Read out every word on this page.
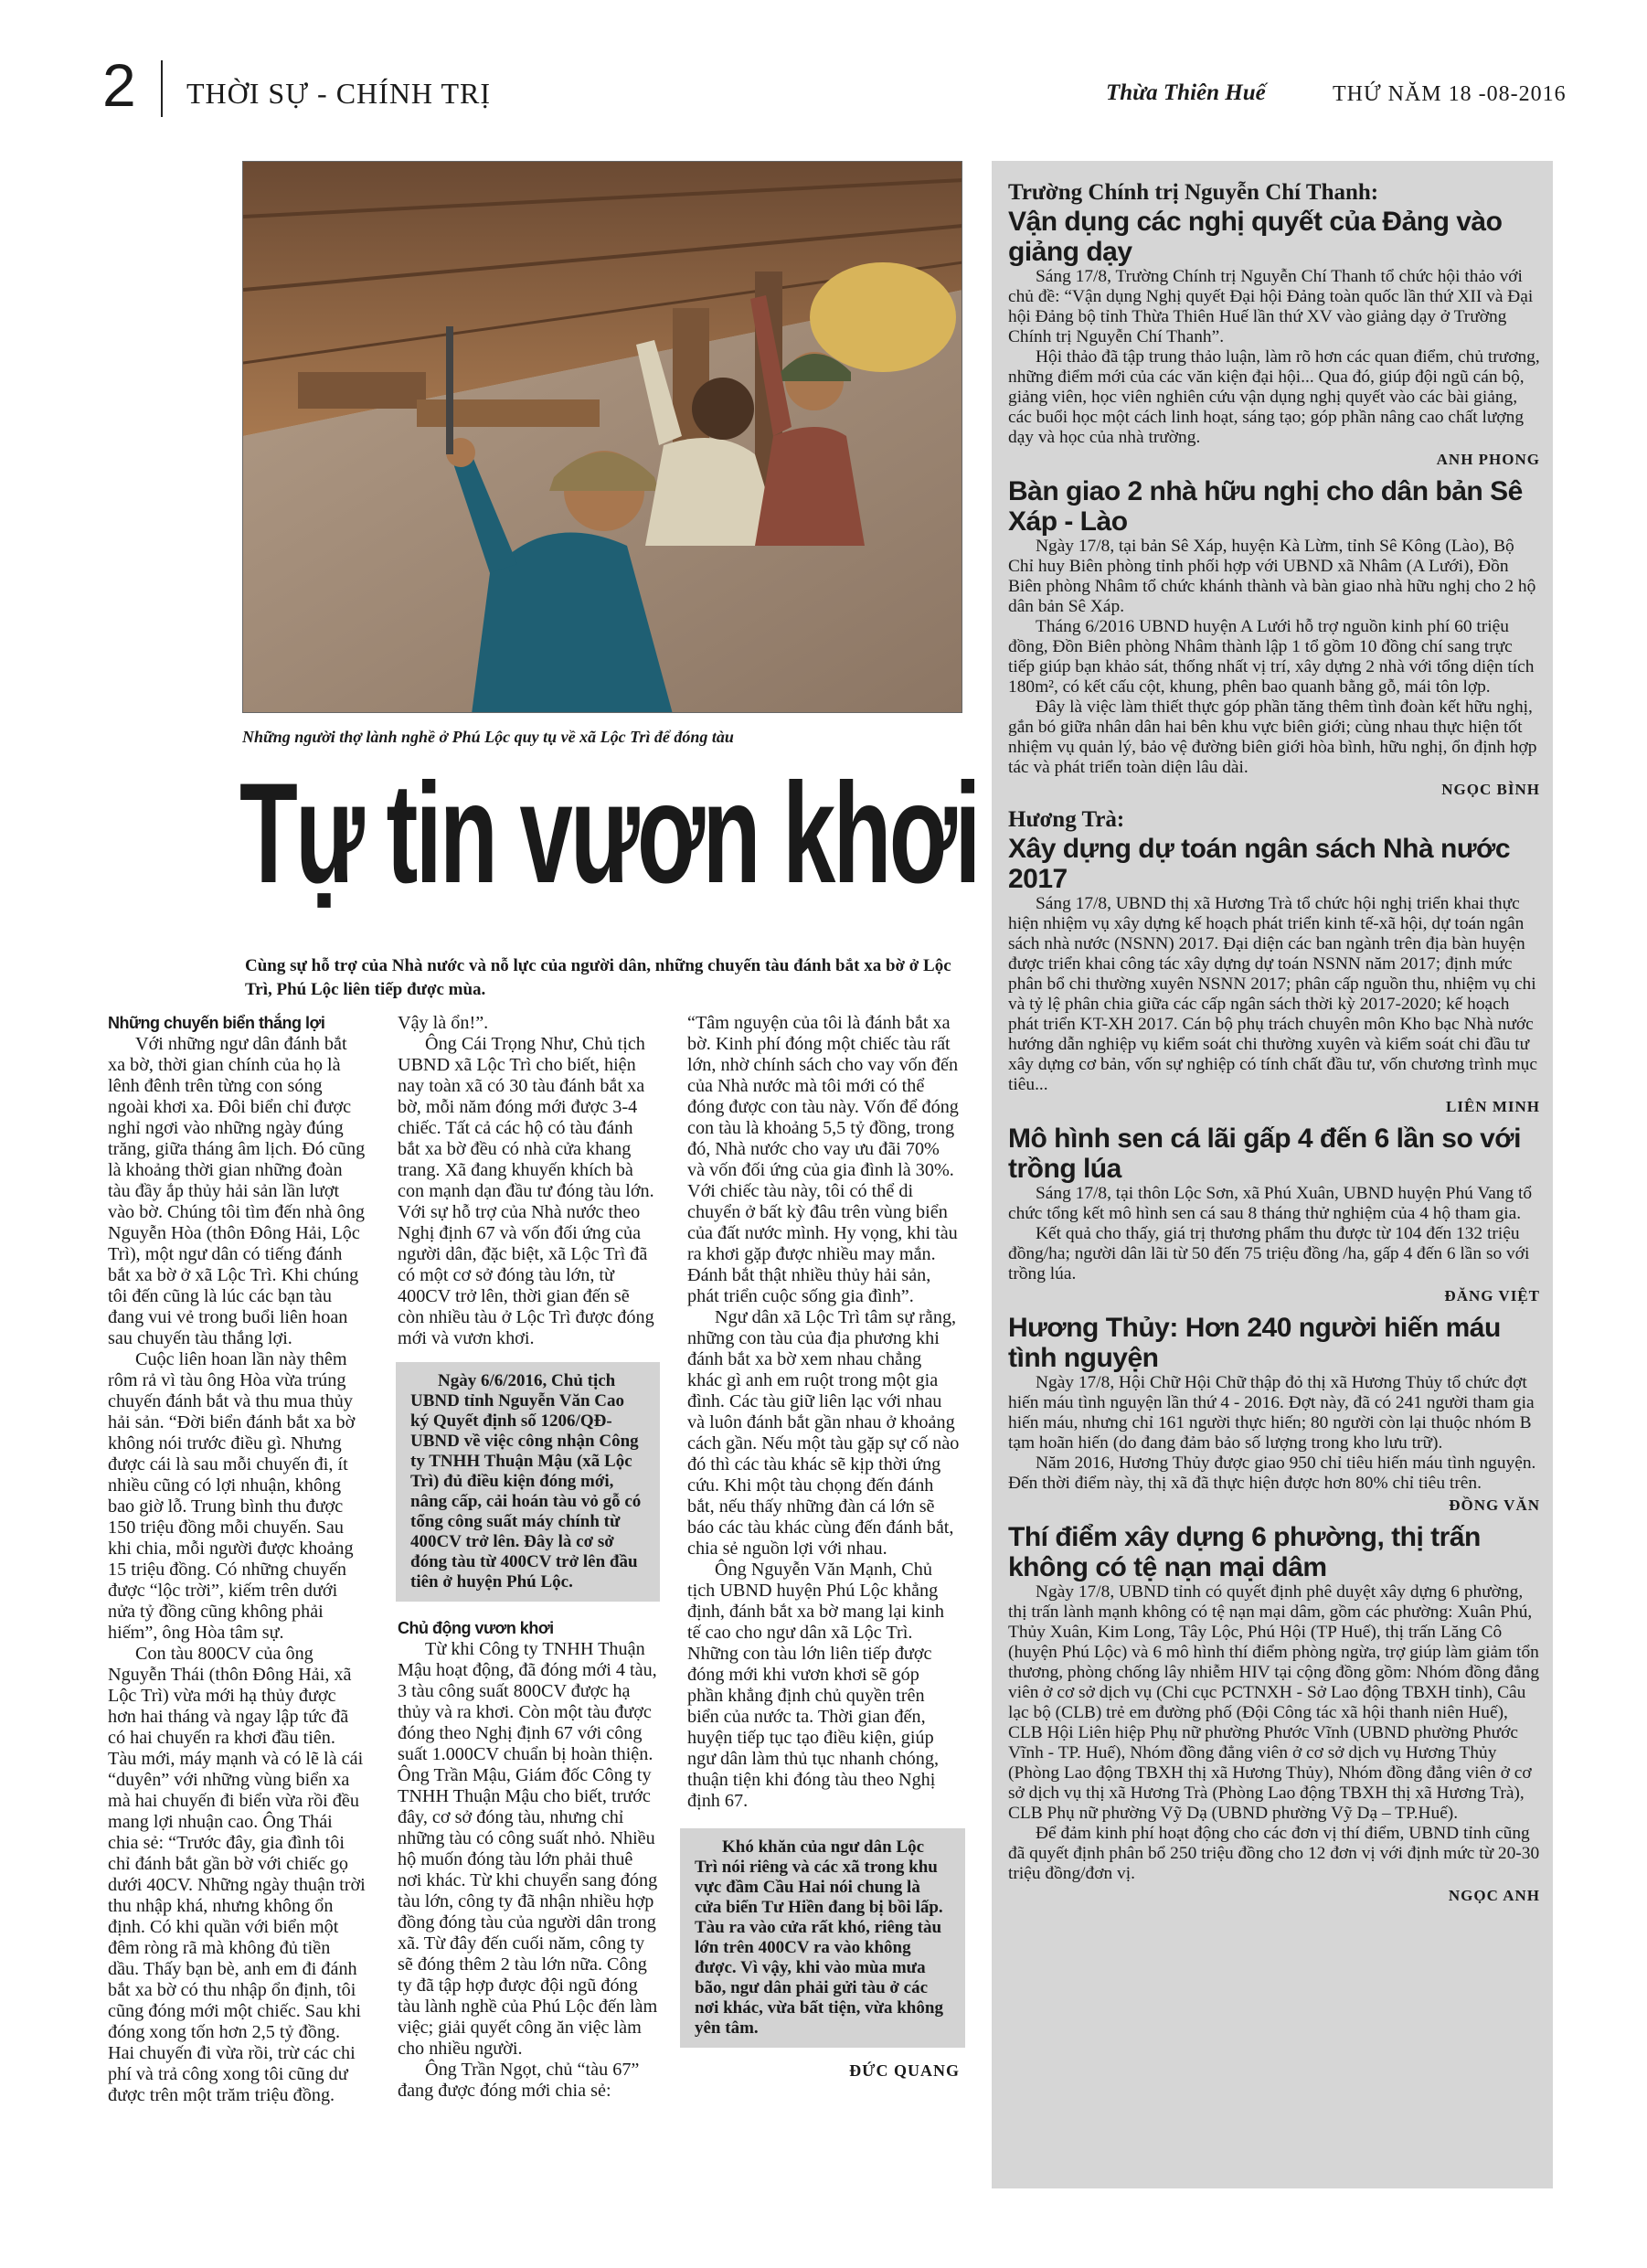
2 THỜI SỰ - CHÍNH TRỊ	Thừa Thiên Huế	THỨ NĂM 18 -08-2016
Những người thợ lành nghề ở Phú Lộc quy tụ về xã Lộc Trì để đóng tàu
Tự tin vươn khơi
Cùng sự hỗ trợ của Nhà nước và nỗ lực của người dân, những chuyến tàu đánh bắt xa bờ ở Lộc Trì, Phú Lộc liên tiếp được mùa.
Những chuyến biển thắng lợi

Với những ngư dân đánh bắt xa bờ, thời gian chính của họ là lênh đênh trên từng con sóng ngoài khơi xa. Đôi biển chỉ được nghỉ ngơi vào những ngày đúng trăng, giữa tháng âm lịch. Đó cũng là khoảng thời gian những đoàn tàu đầy ắp thủy hải sản lần lượt vào bờ. Chúng tôi tìm đến nhà ông Nguyễn Hòa (thôn Đông Hải, Lộc Trì), một ngư dân có tiếng đánh bắt xa bờ ở xã Lộc Trì. Khi chúng tôi đến cũng là lúc các bạn tàu đang vui vẻ trong buổi liên hoan sau chuyến tàu thắng lợi.

Cuộc liên hoan lần này thêm rôm rả vì tàu ông Hòa vừa trúng chuyến đánh bắt và thu mua thủy hải sản. “Đời biển đánh bắt xa bờ không nói trước điều gì. Nhưng được cái là sau mỗi chuyến đi, ít nhiều cũng có lợi nhuận, không bao giờ lỗ. Trung bình thu được 150 triệu đồng mỗi chuyến. Sau khi chia, mỗi người được khoảng 15 triệu đồng. Có những chuyến được “lộc trời”, kiếm trên dưới nửa tỷ đồng cũng không phải hiếm”, ông Hòa tâm sự.

Con tàu 800CV của ông Nguyễn Thái (thôn Đông Hải, xã Lộc Trì) vừa mới hạ thủy được hơn hai tháng và ngay lập tức đã có hai chuyến ra khơi đầu tiên. Tàu mới, máy mạnh và có lẽ là cái “duyên” với những vùng biển xa mà hai chuyến đi biển vừa rồi đều mang lợi nhuận cao. Ông Thái chia sẻ: “Trước đây, gia đình tôi chỉ đánh bắt gần bờ với chiếc gọ dưới 40CV. Những ngày thuận trời thu nhập khá, nhưng không ổn định. Có khi quần với biển một đêm ròng rã mà không đủ tiền dầu. Thấy bạn bè, anh em đi đánh bắt xa bờ có thu nhập ổn định, tôi cũng đóng mới một chiếc. Sau khi đóng xong tốn hơn 2,5 tỷ đồng. Hai chuyến đi vừa rồi, trừ các chi phí và trả công xong tôi cũng dư được trên một trăm triệu đồng.

Vậy là ổn!”.

Ông Cái Trọng Như, Chủ tịch UBND xã Lộc Trì cho biết, hiện nay toàn xã có 30 tàu đánh bắt xa bờ, mỗi năm đóng mới được 3-4 chiếc. Tất cả các hộ có tàu đánh bắt xa bờ đều có nhà cửa khang trang. Xã đang khuyến khích bà con mạnh dạn đầu tư đóng tàu lớn. Với sự hỗ trợ của Nhà nước theo Nghị định 67 và vốn đối ứng của người dân, đặc biệt, xã Lộc Trì đã có một cơ sở đóng tàu lớn, từ 400CV trở lên, thời gian đến sẽ còn nhiều tàu ở Lộc Trì được đóng mới và vươn khơi.

Ngày 6/6/2016, Chủ tịch UBND tỉnh Nguyễn Văn Cao ký Quyết định số 1206/QĐ-UBND về việc công nhận Công ty TNHH Thuận Mậu (xã Lộc Trì) đủ điều kiện đóng mới, nâng cấp, cải hoán tàu vỏ gỗ có tổng công suất máy chính từ 400CV trở lên. Đây là cơ sở đóng tàu từ 400CV trở lên đầu tiên ở huyện Phú Lộc.
Chủ động vươn khơi

Từ khi Công ty TNHH Thuận Mậu hoạt động, đã đóng mới 4 tàu, 3 tàu công suất 800CV được hạ thủy và ra khơi. Còn một tàu được đóng theo Nghị định 67 với công suất 1.000CV chuẩn bị hoàn thiện. Ông Trần Mậu, Giám đốc Công ty TNHH Thuận Mậu cho biết, trước đây, cơ sở đóng tàu, nhưng chỉ những tàu có công suất nhỏ. Nhiều hộ muốn đóng tàu lớn phải thuê nơi khác. Từ khi chuyển sang đóng tàu lớn, công ty đã nhận nhiều hợp đồng đóng tàu của người dân trong xã. Từ đây đến cuối năm, công ty sẽ đóng thêm 2 tàu lớn nữa. Công ty đã tập hợp được đội ngũ đóng tàu lành nghề của Phú Lộc đến làm việc; giải quyết công ăn việc làm cho nhiều người.

Ông Trần Ngọt, chủ “tàu 67” đang được đóng mới chia sẻ:

“Tâm nguyện của tôi là đánh bắt xa bờ. Kinh phí đóng một chiếc tàu rất lớn, nhờ chính sách cho vay vốn đến của Nhà nước mà tôi mới có thể đóng được con tàu này. Vốn để đóng con tàu là khoảng 5,5 tỷ đồng, trong đó, Nhà nước cho vay ưu đãi 70% và vốn đối ứng của gia đình là 30%. Với chiếc tàu này, tôi có thể di chuyển ở bất kỳ đâu trên vùng biển của đất nước mình. Hy vọng, khi tàu ra khơi gặp được nhiều may mắn. Đánh bắt thật nhiều thủy hải sản, phát triển cuộc sống gia đình”.

Ngư dân xã Lộc Trì tâm sự rằng, những con tàu của địa phương khi đánh bắt xa bờ xem nhau chẳng khác gì anh em ruột trong một gia đình. Các tàu giữ liên lạc với nhau và luôn đánh bắt gần nhau ở khoảng cách gần. Nếu một tàu gặp sự cố nào đó thì các tàu khác sẽ kịp thời ứng cứu. Khi một tàu chọng đến đánh bắt, nếu thấy những đàn cá lớn sẽ báo các tàu khác cùng đến đánh bắt, chia sẻ nguồn lợi với nhau.

Ông Nguyễn Văn Mạnh, Chủ tịch UBND huyện Phú Lộc khẳng định, đánh bắt xa bờ mang lại kinh tế cao cho ngư dân xã Lộc Trì. Những con tàu lớn liên tiếp được đóng mới khi vươn khơi sẽ góp phần khẳng định chủ quyền trên biển của nước ta. Thời gian đến, huyện tiếp tục tạo điều kiện, giúp ngư dân làm thủ tục nhanh chóng, thuận tiện khi đóng tàu theo Nghị định 67.

Khó khăn của ngư dân Lộc Trì nói riêng và các xã trong khu vực đầm Cầu Hai nói chung là cửa biển Tư Hiền đang bị bồi lấp. Tàu ra vào cửa rất khó, riêng tàu lớn trên 400CV ra vào không được. Vì vậy, khi vào mùa mưa bão, ngư dân phải gửi tàu ở các nơi khác, vừa bất tiện, vừa không yên tâm.
ĐỨC QUANG
Trường Chính trị Nguyễn Chí Thanh:
Vận dụng các nghị quyết của Đảng vào giảng dạy

Sáng 17/8, Trường Chính trị Nguyễn Chí Thanh tổ chức hội thảo với chủ đề: “Vận dụng Nghị quyết Đại hội Đảng toàn quốc lần thứ XII và Đại hội Đảng bộ tỉnh Thừa Thiên Huế lần thứ XV vào giảng dạy ở Trường Chính trị Nguyễn Chí Thanh”.

Hội thảo đã tập trung thảo luận, làm rõ hơn các quan điểm, chủ trương, những điểm mới của các văn kiện đại hội... Qua đó, giúp đội ngũ cán bộ, giảng viên, học viên nghiên cứu vận dụng nghị quyết vào các bài giảng, các buổi học một cách linh hoạt, sáng tạo; góp phần nâng cao chất lượng dạy và học của nhà trường.

ANH PHONG
Bàn giao 2 nhà hữu nghị cho dân bản Sê Xáp - Lào

Ngày 17/8, tại bản Sê Xáp, huyện Kà Lừm, tỉnh Sê Kông (Lào), Bộ Chỉ huy Biên phòng tỉnh phối hợp với UBND xã Nhâm (A Lưới), Đồn Biên phòng Nhâm tổ chức khánh thành và bàn giao nhà hữu nghị cho 2 hộ dân bản Sê Xáp.

Tháng 6/2016 UBND huyện A Lưới hỗ trợ nguồn kinh phí 60 triệu đồng, Đồn Biên phòng Nhâm thành lập 1 tổ gồm 10 đồng chí sang trực tiếp giúp bạn khảo sát, thống nhất vị trí, xây dựng 2 nhà với tổng diện tích 180m², có kết cấu cột, khung, phên bao quanh bằng gỗ, mái tôn lợp.

Đây là việc làm thiết thực góp phần tăng thêm tình đoàn kết hữu nghị, gắn bó giữa nhân dân hai bên khu vực biên giới; cùng nhau thực hiện tốt nhiệm vụ quản lý, bảo vệ đường biên giới hòa bình, hữu nghị, ổn định hợp tác và phát triển toàn diện lâu dài.

NGỌC BÌNH
Hương Trà:
Xây dựng dự toán ngân sách Nhà nước 2017

Sáng 17/8, UBND thị xã Hương Trà tổ chức hội nghị triển khai thực hiện nhiệm vụ xây dựng kế hoạch phát triển kinh tế-xã hội, dự toán ngân sách nhà nước (NSNN) 2017. Đại diện các ban ngành trên địa bàn huyện được triển khai công tác xây dựng dự toán NSNN năm 2017; định mức phân bổ chi thường xuyên NSNN 2017; phân cấp nguồn thu, nhiệm vụ chi và tỷ lệ phân chia giữa các cấp ngân sách thời kỳ 2017-2020; kế hoạch phát triển KT-XH 2017. Cán bộ phụ trách chuyên môn Kho bạc Nhà nước hướng dẫn nghiệp vụ kiểm soát chi thường xuyên và kiểm soát chi đầu tư xây dựng cơ bản, vốn sự nghiệp có tính chất đầu tư, vốn chương trình mục tiêu...

LIÊN MINH
Mô hình sen cá lãi gấp 4 đến 6 lần so với trồng lúa

Sáng 17/8, tại thôn Lộc Sơn, xã Phú Xuân, UBND huyện Phú Vang tổ chức tổng kết mô hình sen cá sau 8 tháng thử nghiệm của 4 hộ tham gia.

Kết quả cho thấy, giá trị thương phẩm thu được từ 104 đến 132 triệu đồng/ha; người dân lãi từ 50 đến 75 triệu đồng /ha, gấp 4 đến 6 lần so với trồng lúa.

ĐĂNG VIỆT
Hương Thủy: Hơn 240 người hiến máu tình nguyện

Ngày 17/8, Hội Chữ Hội Chữ thập đỏ thị xã Hương Thủy tổ chức đợt hiến máu tình nguyện lần thứ 4 - 2016. Đợt này, đã có 241 người tham gia hiến máu, nhưng chỉ 161 người thực hiến; 80 người còn lại thuộc nhóm B tạm hoãn hiến (do đang đảm bảo số lượng trong kho lưu trữ).

Năm 2016, Hương Thủy được giao 950 chỉ tiêu hiến máu tình nguyện. Đến thời điểm này, thị xã đã thực hiện được hơn 80% chỉ tiêu trên.

ĐỒNG VĂN
Thí điểm xây dựng 6 phường, thị trấn không có tệ nạn mại dâm

Ngày 17/8, UBND tỉnh có quyết định phê duyệt xây dựng 6 phường, thị trấn lành mạnh không có tệ nạn mại dâm, gồm các phường: Xuân Phú, Thủy Xuân, Kim Long, Tây Lộc, Phú Hội (TP Huế), thị trấn Lăng Cô (huyện Phú Lộc) và 6 mô hình thí điểm phòng ngừa, trợ giúp làm giảm tổn thương, phòng chống lây nhiễm HIV tại cộng đồng gồm: Nhóm đồng đẳng viên ở cơ sở dịch vụ (Chi cục PCTNXH - Sở Lao động TBXH tỉnh), Câu lạc bộ (CLB) trẻ em đường phố (Đội Công tác xã hội thanh niên Huế), CLB Hội Liên hiệp Phụ nữ phường Phước Vĩnh (UBND phường Phước Vĩnh - TP. Huế), Nhóm đồng đẳng viên ở cơ sở dịch vụ Hương Thủy (Phòng Lao động TBXH thị xã Hương Thủy), Nhóm đồng đẳng viên ở cơ sở dịch vụ thị xã Hương Trà (Phòng Lao động TBXH thị xã Hương Trà), CLB Phụ nữ phường Vỹ Dạ (UBND phường Vỹ Dạ – TP.Huế).

Để đảm kinh phí hoạt động cho các đơn vị thí điểm, UBND tỉnh cũng đã quyết định phân bổ 250 triệu đồng cho 12 đơn vị với định mức từ 20-30 triệu đồng/đơn vị.

NGỌC ANH
